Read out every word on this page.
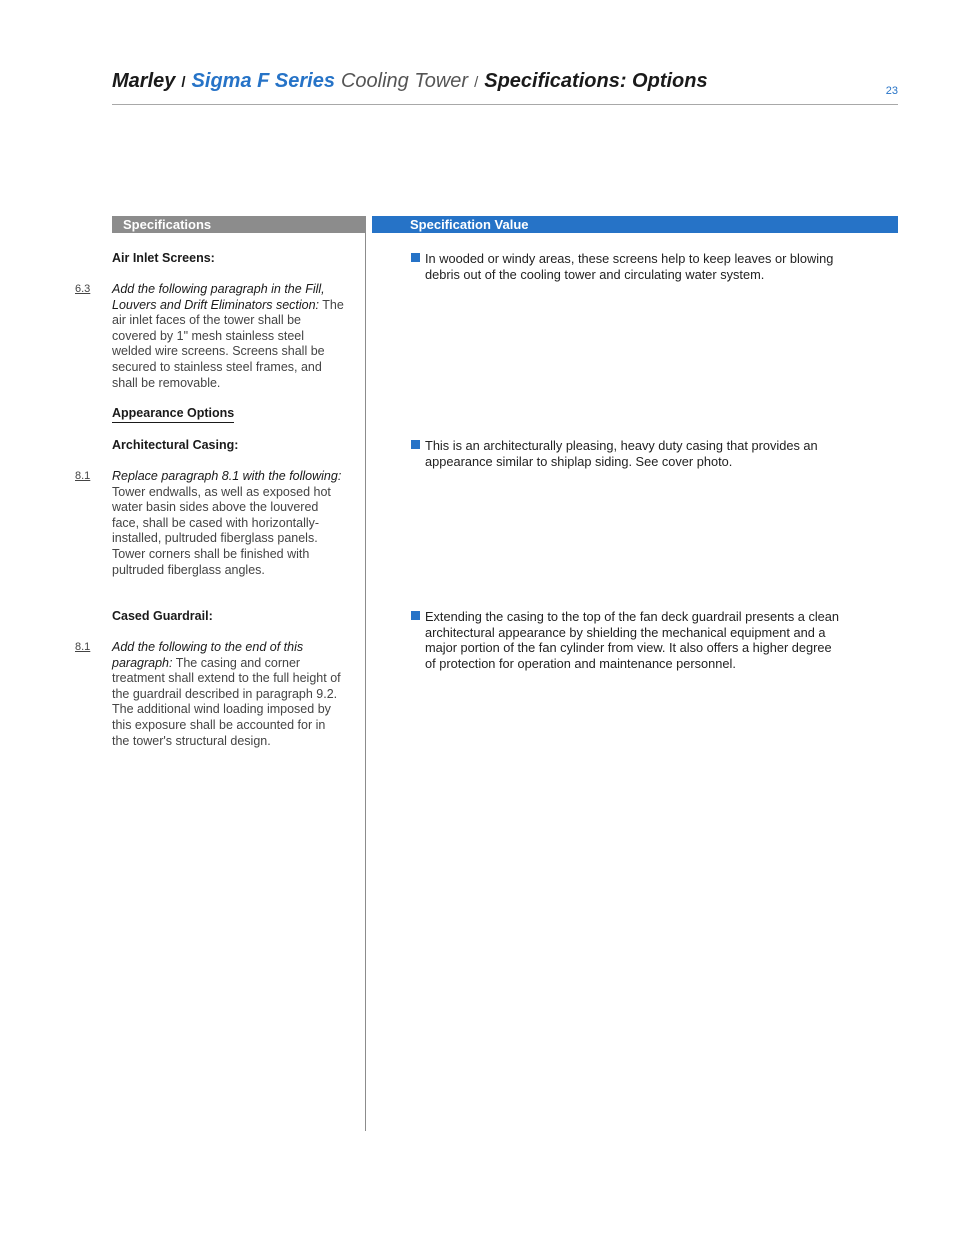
Marley / Sigma F Series Cooling Tower / Specifications: Options	23
Specifications	Specification Value
Air Inlet Screens:
6.3 Add the following paragraph in the Fill, Louvers and Drift Eliminators section: The air inlet faces of the tower shall be covered by 1" mesh stainless steel welded wire screens. Screens shall be secured to stainless steel frames, and shall be removable.
In wooded or windy areas, these screens help to keep leaves or blowing debris out of the cooling tower and circulating water system.
Appearance Options
Architectural Casing:
8.1 Replace paragraph 8.1 with the following: Tower endwalls, as well as exposed hot water basin sides above the louvered face, shall be cased with horizontally-installed, pultruded fiberglass panels. Tower corners shall be finished with pultruded fiberglass angles.
This is an architecturally pleasing, heavy duty casing that provides an appearance similar to shiplap siding. See cover photo.
Cased Guardrail:
8.1 Add the following to the end of this paragraph: The casing and corner treatment shall extend to the full height of the guardrail described in paragraph 9.2. The additional wind loading imposed by this exposure shall be accounted for in the tower's structural design.
Extending the casing to the top of the fan deck guardrail presents a clean architectural appearance by shielding the mechanical equipment and a major portion of the fan cylinder from view. It also offers a higher degree of protection for operation and maintenance personnel.
